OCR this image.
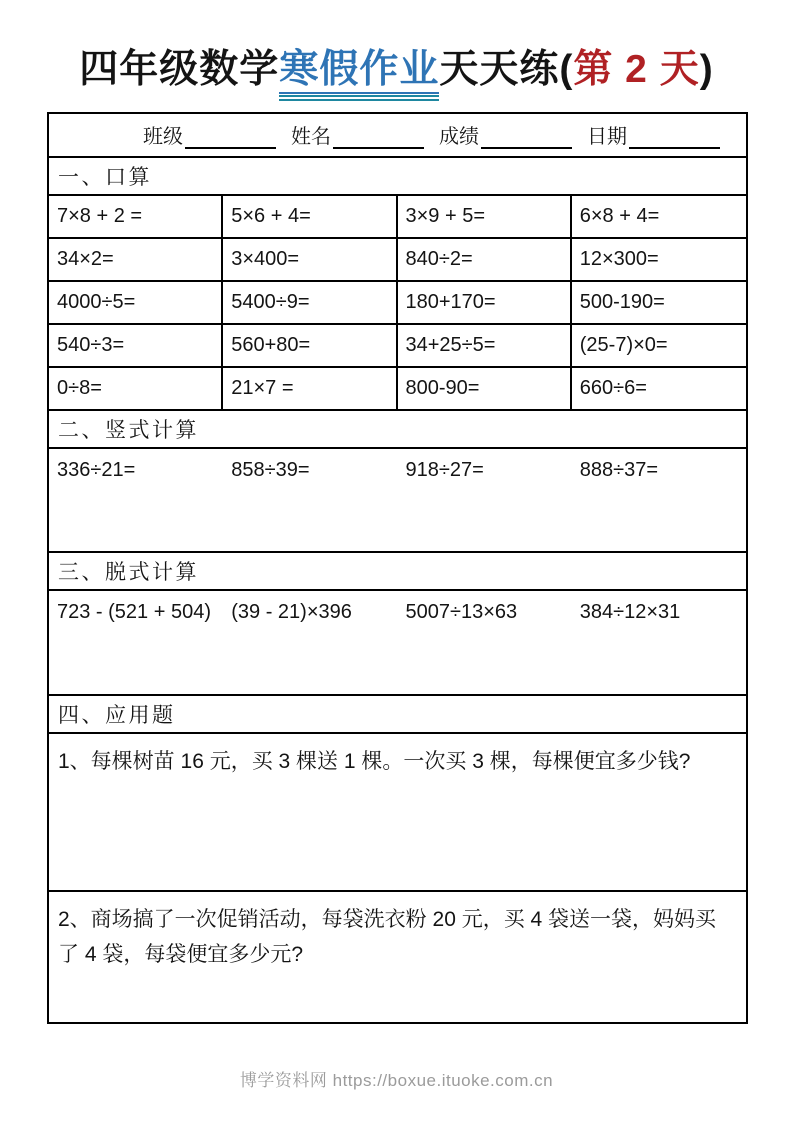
四年级数学寒假作业天天练(第 2 天)
班级	姓名	成绩	日期
一、口算
7×8 + 2 =	5×6 + 4=	3×9 + 5=	6×8 + 4=
34×2=	3×400=	840÷2=	12×300=
4000÷5=	5400÷9=	180+170=	500-190=
540÷3=	560+80=	34+25÷5=	(25-7)×0=
0÷8=	21×7 =	800-90=	660÷6=
二、竖式计算
336÷21=	858÷39=	918÷27=	888÷37=
三、脱式计算
723 - (521 + 504)	(39 - 21)×396	5007÷13×63	384÷12×31
四、应用题
1、每棵树苗 16 元，买 3 棵送 1 棵。一次买 3 棵，每棵便宜多少钱?
2、商场搞了一次促销活动，每袋洗衣粉 20 元，买 4 袋送一袋，妈妈买了 4 袋，每袋便宜多少元?
博学资料网 https://boxue.ituoke.com.cn
